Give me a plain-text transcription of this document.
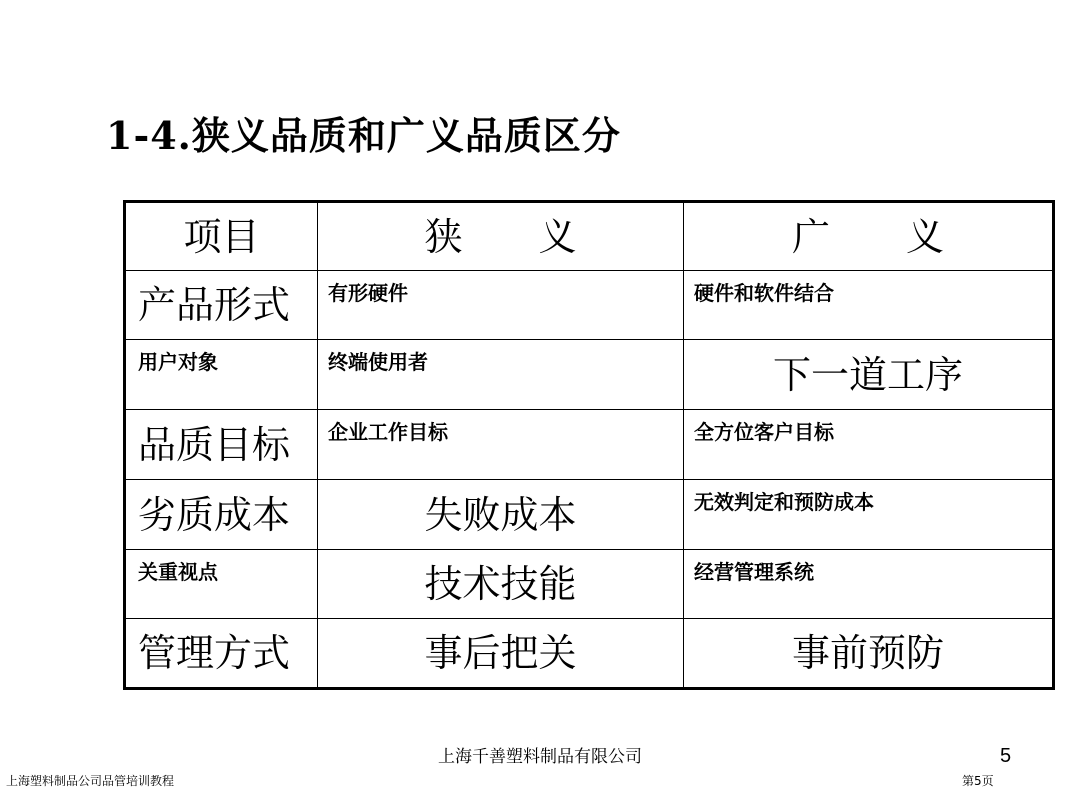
1-4.狭义品质和广义品质区分
项目	狭　　义	广　　义
产品形式	有形硬件	硬件和软件结合
用户对象	终端使用者	下一道工序
品质目标	企业工作目标	全方位客户目标
劣质成本	失败成本	无效判定和预防成本
关重视点	技术技能	经营管理系统
管理方式	事后把关	事前预防
上海千善塑料制品有限公司	5
上海塑料制品公司品管培训教程	第5页
